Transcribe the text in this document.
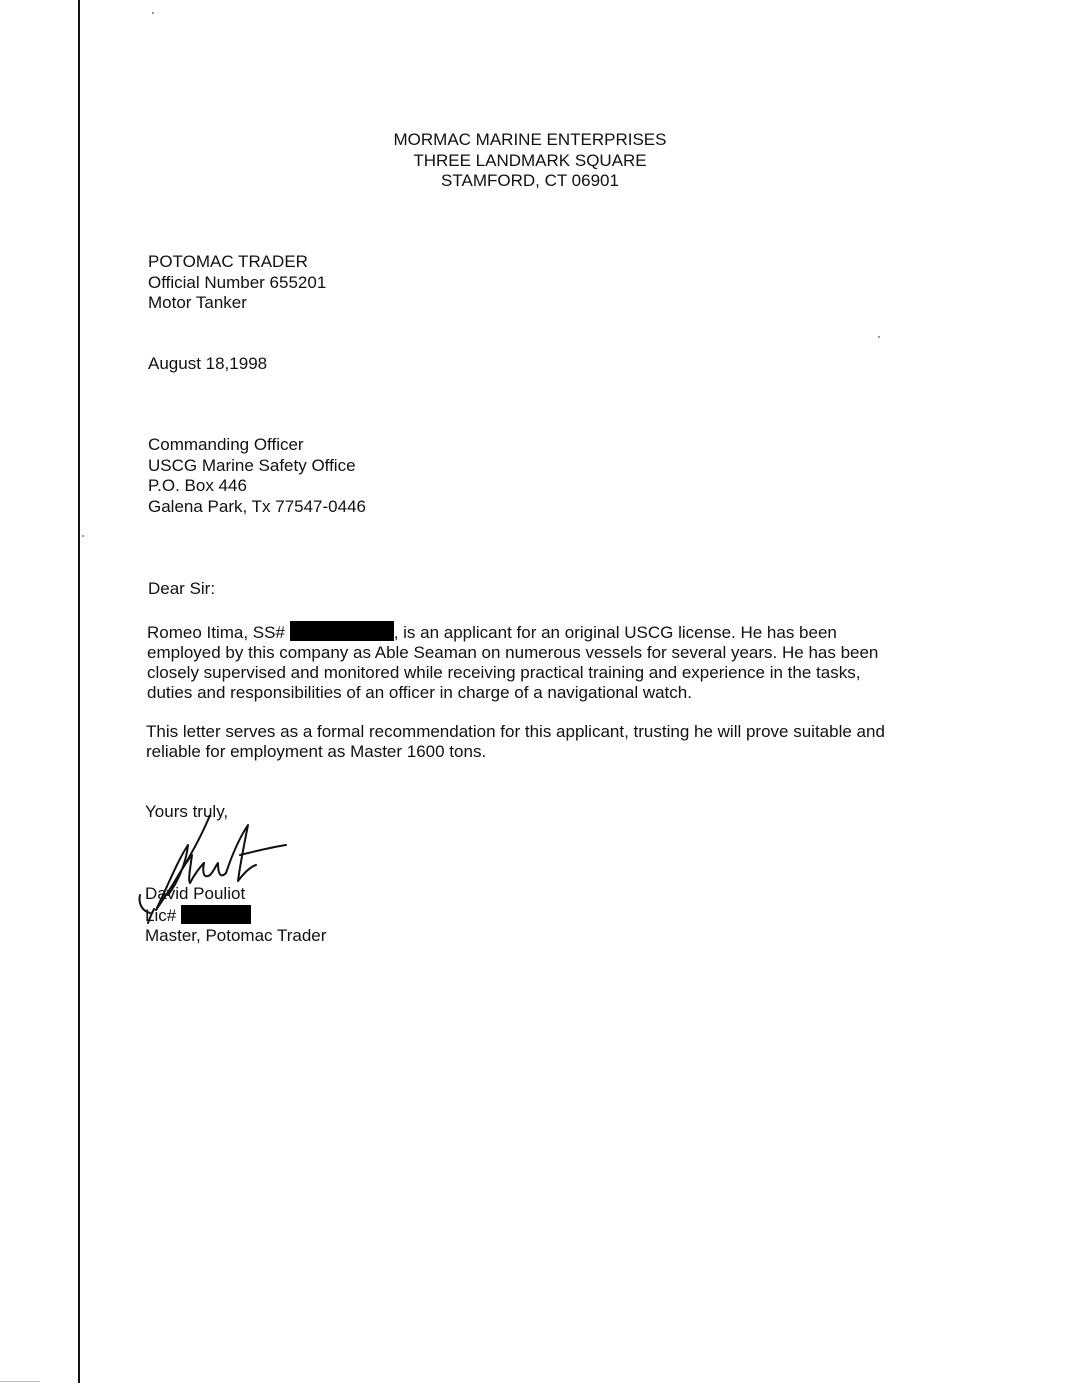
MORMAC MARINE ENTERPRISES
THREE LANDMARK SQUARE
STAMFORD, CT 06901
POTOMAC TRADER
Official Number 655201
Motor Tanker
August 18,1998
Commanding Officer
USCG Marine Safety Office
P.O. Box 446
Galena Park, Tx 77547-0446
Dear Sir:
Romeo Itima, SS#	, is an applicant for an original USCG license. He has been employed by this company as Able Seaman on numerous vessels for several years. He has been closely supervised and monitored while receiving practical training and experience in the tasks, duties and responsibilities of an officer in charge of a navigational watch.
This letter serves as a formal recommendation for this applicant, trusting he will prove suitable and reliable for employment as Master 1600 tons.
Yours truly,
David Pouliot
Lic#
Master, Potomac Trader
